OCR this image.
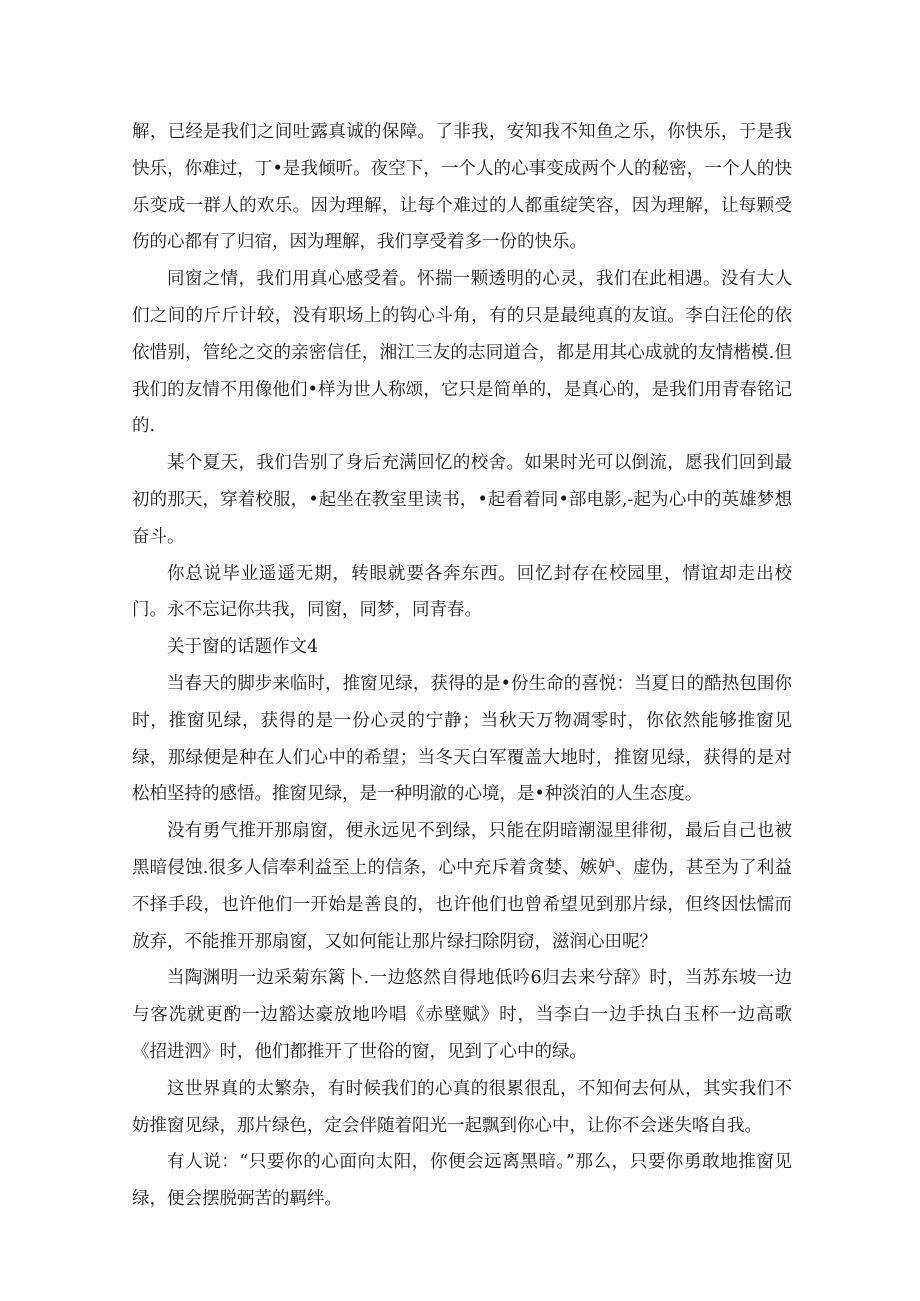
解，已经是我们之间吐露真诚的保障。了非我，安知我不知鱼之乐，你快乐，于是我快乐，你难过，丁•是我倾听。夜空下，一个人的心事变成两个人的秘密，一个人的快乐变成一群人的欢乐。因为理解，让每个难过的人都重绽笑容，因为理解，让每颗受伤的心都有了归宿，因为理解，我们享受着多一份的快乐。

同窗之情，我们用真心感受着。怀揣一颗透明的心灵，我们在此相遇。没有大人们之间的斤斤计较，没有职场上的钩心斗角，有的只是最纯真的友谊。李白汪伦的依依惜别，管纶之交的亲密信任，湘江三友的志同道合，都是用其心成就的友情楷模.但我们的友情不用像他们•样为世人称颂，它只是简单的，是真心的，是我们用青春铭记的.

某个夏天，我们告别了身后充满回忆的校舍。如果时光可以倒流，愿我们回到最初的那天，穿着校服，•起坐在教室里读书，•起看着同•部电影,-起为心中的英雄梦想奋斗。

你总说毕业遥遥无期，转眼就要各奔东西。回忆封存在校园里，情谊却走出校门。永不忘记你共我，同窗，同梦，同青春。

关于窗的话题作文4

当春天的脚步来临时，推窗见绿，获得的是•份生命的喜悦：当夏日的酷热包围你时，推窗见绿，获得的是一份心灵的宁静；当秋天万物凋零时，你依然能够推窗见绿，那绿便是种在人们心中的希望；当冬天白军覆盖大地时，推窗见绿，获得的是对松柏坚持的感悟。推窗见绿，是一种明澈的心境，是•种淡泊的人生态度。

没有勇气推开那扇窗，便永远见不到绿，只能在阴暗潮湿里徘彻，最后自己也被黑暗侵蚀.很多人信奉利益至上的信条，心中充斥着贪婪、嫉妒、虚伪，甚至为了利益不择手段，也许他们一开始是善良的，也许他们也曾希望见到那片绿，但终因怯懦而放弃，不能推开那扇窗，又如何能让那片绿扫除阴窃，滋润心田呢？

当陶渊明一边采菊东篱卜.一边悠然自得地低吟6归去来兮辞》时，当苏东坡一边与客冼就更酌一边豁达豪放地吟唱《赤壁赋》时，当李白一边手执白玉杯一边高歌《招进泗》时，他们都推开了世俗的窗，见到了心中的绿。

这世界真的太繁杂，有时候我们的心真的很累很乱，不知何去何从，其实我们不妨推窗见绿，那片绿色，定会伴随着阳光一起飘到你心中，让你不会迷失咯自我。

有人说：“只要你的心面向太阳，你便会远离黑暗。”那么，只要你勇敢地推窗见绿，便会摆脱弼苦的羁绊。
